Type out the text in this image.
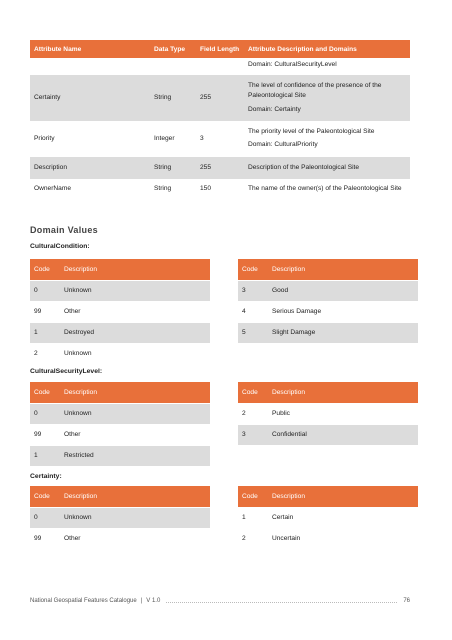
Attribute Name	Data Type	Field Length	Attribute Description and Domains
			Domain: CulturalSecurityLevel
Certainty	String	255	The level of confidence of the presence of the Paleontological Site
Domain: Certainty

Priority	Integer	3	The priority level of the Paleontological Site
Domain: CulturalPriority

Description	String	255	Description of the Paleontological Site
OwnerName	String	150	The name of the owner(s) of the Paleontological Site
Domain Values
CulturalCondition:
Code	Description
0	Unknown
99	Other
1	Destroyed
2	Unknown
Code	Description
3	Good
4	Serious Damage
5	Slight Damage
CulturalSecurityLevel:
Code	Description
0	Unknown
99	Other
1	Restricted
Code	Description
2	Public
3	Confidential
Certainty:
Code	Description
0	Unknown
99	Other
Code	Description
1	Certain
2	Uncertain
National Geospatial Features Catalogue | V 1.0	76
